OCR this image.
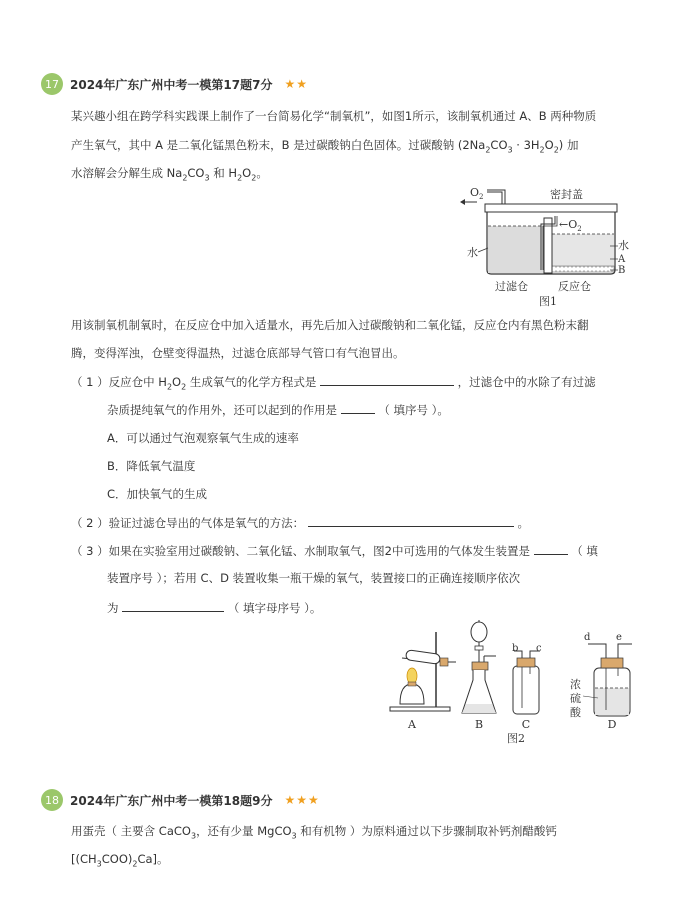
17 2024年广东广州中考一模第17题7分 ★★
某兴趣小组在跨学科实践课上制作了一台简易化学“制氧机”，如图1所示，该制氧机通过 A、B 两种物质
产生氧气，其中 A 是二氧化锰黑色粉末，B 是过碳酸钠白色固体。过碳酸钠 $(2Na_2CO_3 \cdot 3H_2O_2)$ 加
水溶解会分解生成 $Na_2CO_3$ 和 $H_2O_2$。
$O_2$	密封盖
$\leftarrow O_2$
水
水
A
B
过滤仓	反应仓
图1
用该制氧机制氧时，在反应仓中加入适量水，再先后加入过碳酸钠和二氧化锰，反应仓内有黑色粉末翻
腾，变得浑浊，仓壁变得温热，过滤仓底部导气管口有气泡冒出。
（ 1 ）反应仓中 $H_2O_2$ 生成氧气的化学方程式是	，过滤仓中的水除了有过滤
杂质提纯氧气的作用外，还可以起到的作用是	（ 填序号 ）。
A．可以通过气泡观察氧气生成的速率
B．降低氧气温度
C．加快氧气的生成
（ 2 ）验证过滤仓导出的气体是氧气的方法：	。
（ 3 ）如果在实验室用过碳酸钠、二氧化锰、水制取氧气，图2中可选用的气体发生装置是	（ 填
装置序号 ）；若用 C、D 装置收集一瓶干燥的氧气，装置接口的正确连接顺序依次
为	（ 填字母序号 ）。
A	B
b c
C
d	e
浓
硫
酸
D
图2
18 2024年广东广州中考一模第18题9分 ★★★
用蛋壳（ 主要含 CaCO$_3$，还有少量 MgCO$_3$ 和有机物 ）为原料通过以下步骤制取补钙剂醋酸钙
$[(CH_3COO)_2Ca]$。
